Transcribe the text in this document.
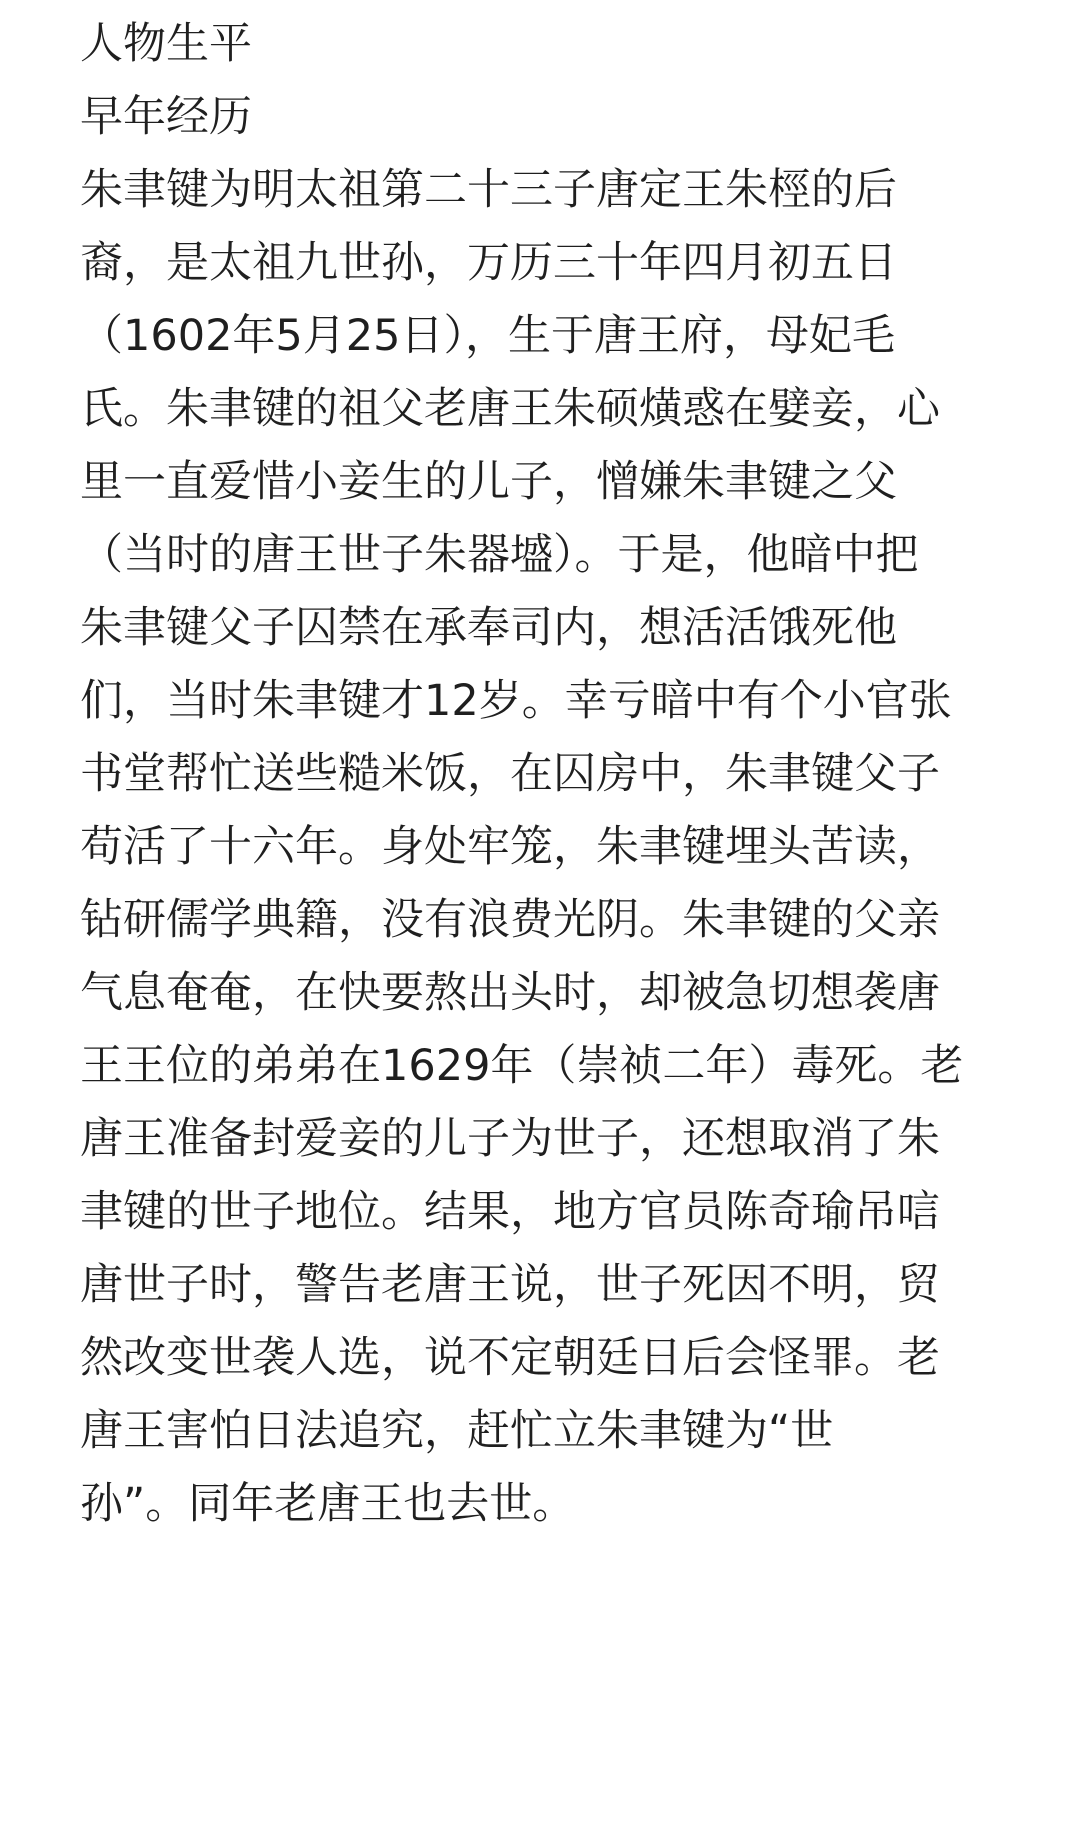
人物生平
早年经历
朱聿键为明太祖第二十三子唐定王朱桱的后
裔，是太祖九世孙，万历三十年四月初五日
（1602年5月25日），生于唐王府，母妃毛
氏。朱聿键的祖父老唐王朱硕熿惑在嬖妾，心
里一直爱惜小妾生的儿子，憎嫌朱聿键之父
（当时的唐王世子朱器墭）。于是，他暗中把
朱聿键父子囚禁在承奉司内，想活活饿死他
们，当时朱聿键才12岁。幸亏暗中有个小官张
书堂帮忙送些糙米饭，在囚房中，朱聿键父子
苟活了十六年。身处牢笼，朱聿键埋头苦读，
钻研儒学典籍，没有浪费光阴。朱聿键的父亲
气息奄奄，在快要熬出头时，却被急切想袭唐
王王位的弟弟在1629年（崇祯二年）毒死。老
唐王准备封爱妾的儿子为世子，还想取消了朱
聿键的世子地位。结果，地方官员陈奇瑜吊唁
唐世子时，警告老唐王说，世子死因不明，贸
然改变世袭人选，说不定朝廷日后会怪罪。老
唐王害怕日法追究，赶忙立朱聿键为“世
孙”。同年老唐王也去世。
